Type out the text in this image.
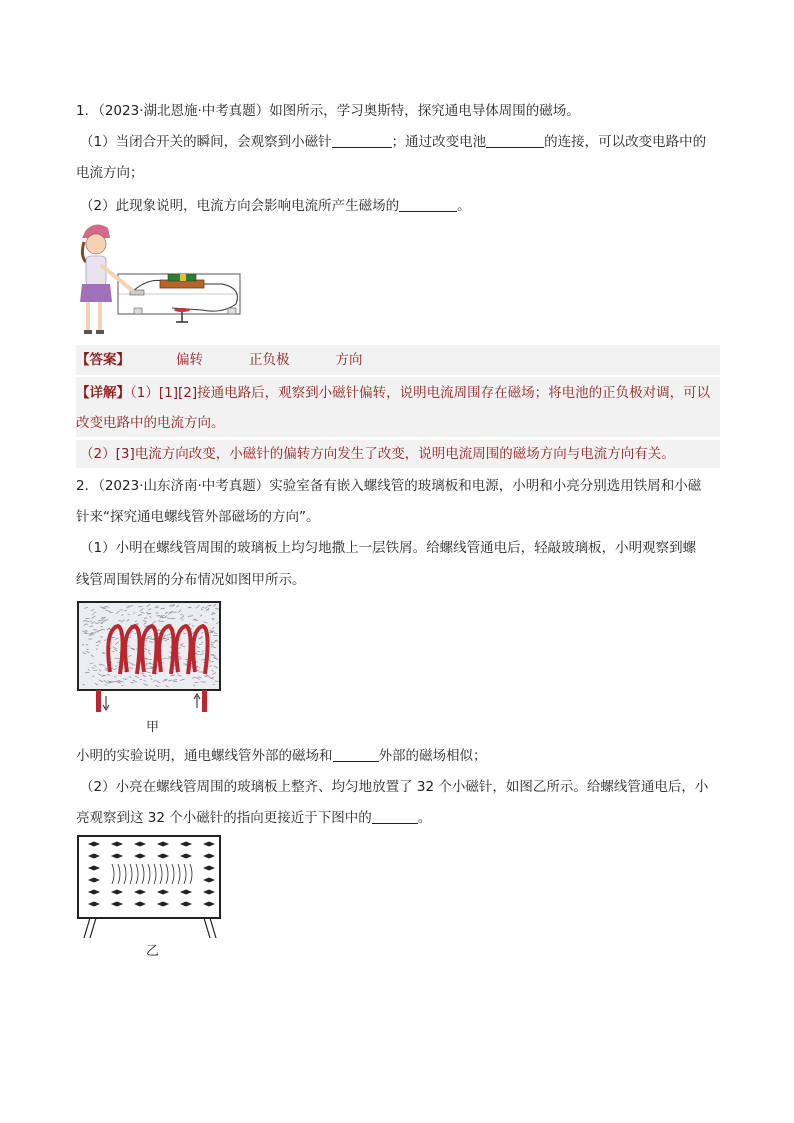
1．（2023·湖北恩施·中考真题）如图所示，学习奥斯特，探究通电导体周围的磁场。
（1）当闭合开关的瞬间，会观察到小磁针	；通过改变电池	的连接，可以改变电路中的
电流方向；
（2）此现象说明，电流方向会影响电流所产生磁场的	。
【答案】	偏转	正负极	方向
【详解】（1）[1][2]接通电路后，观察到小磁针偏转，说明电流周围存在磁场；将电池的正负极对调，可以
改变电路中的电流方向。
（2）[3]电流方向改变，小磁针的偏转方向发生了改变，说明电流周围的磁场方向与电流方向有关。
2．（2023·山东济南·中考真题）实验室备有嵌入螺线管的玻璃板和电源，小明和小亮分别选用铁屑和小磁
针来“探究通电螺线管外部磁场的方向”。
（1）小明在螺线管周围的玻璃板上均匀地撒上一层铁屑。给螺线管通电后，轻敲玻璃板，小明观察到螺
线管周围铁屑的分布情况如图甲所示。
甲
小明的实验说明，通电螺线管外部的磁场和	外部的磁场相似；
（2）小亮在螺线管周围的玻璃板上整齐、均匀地放置了 32 个小磁针，如图乙所示。给螺线管通电后，小
亮观察到这 32 个小磁针的指向更接近于下图中的	。
乙
